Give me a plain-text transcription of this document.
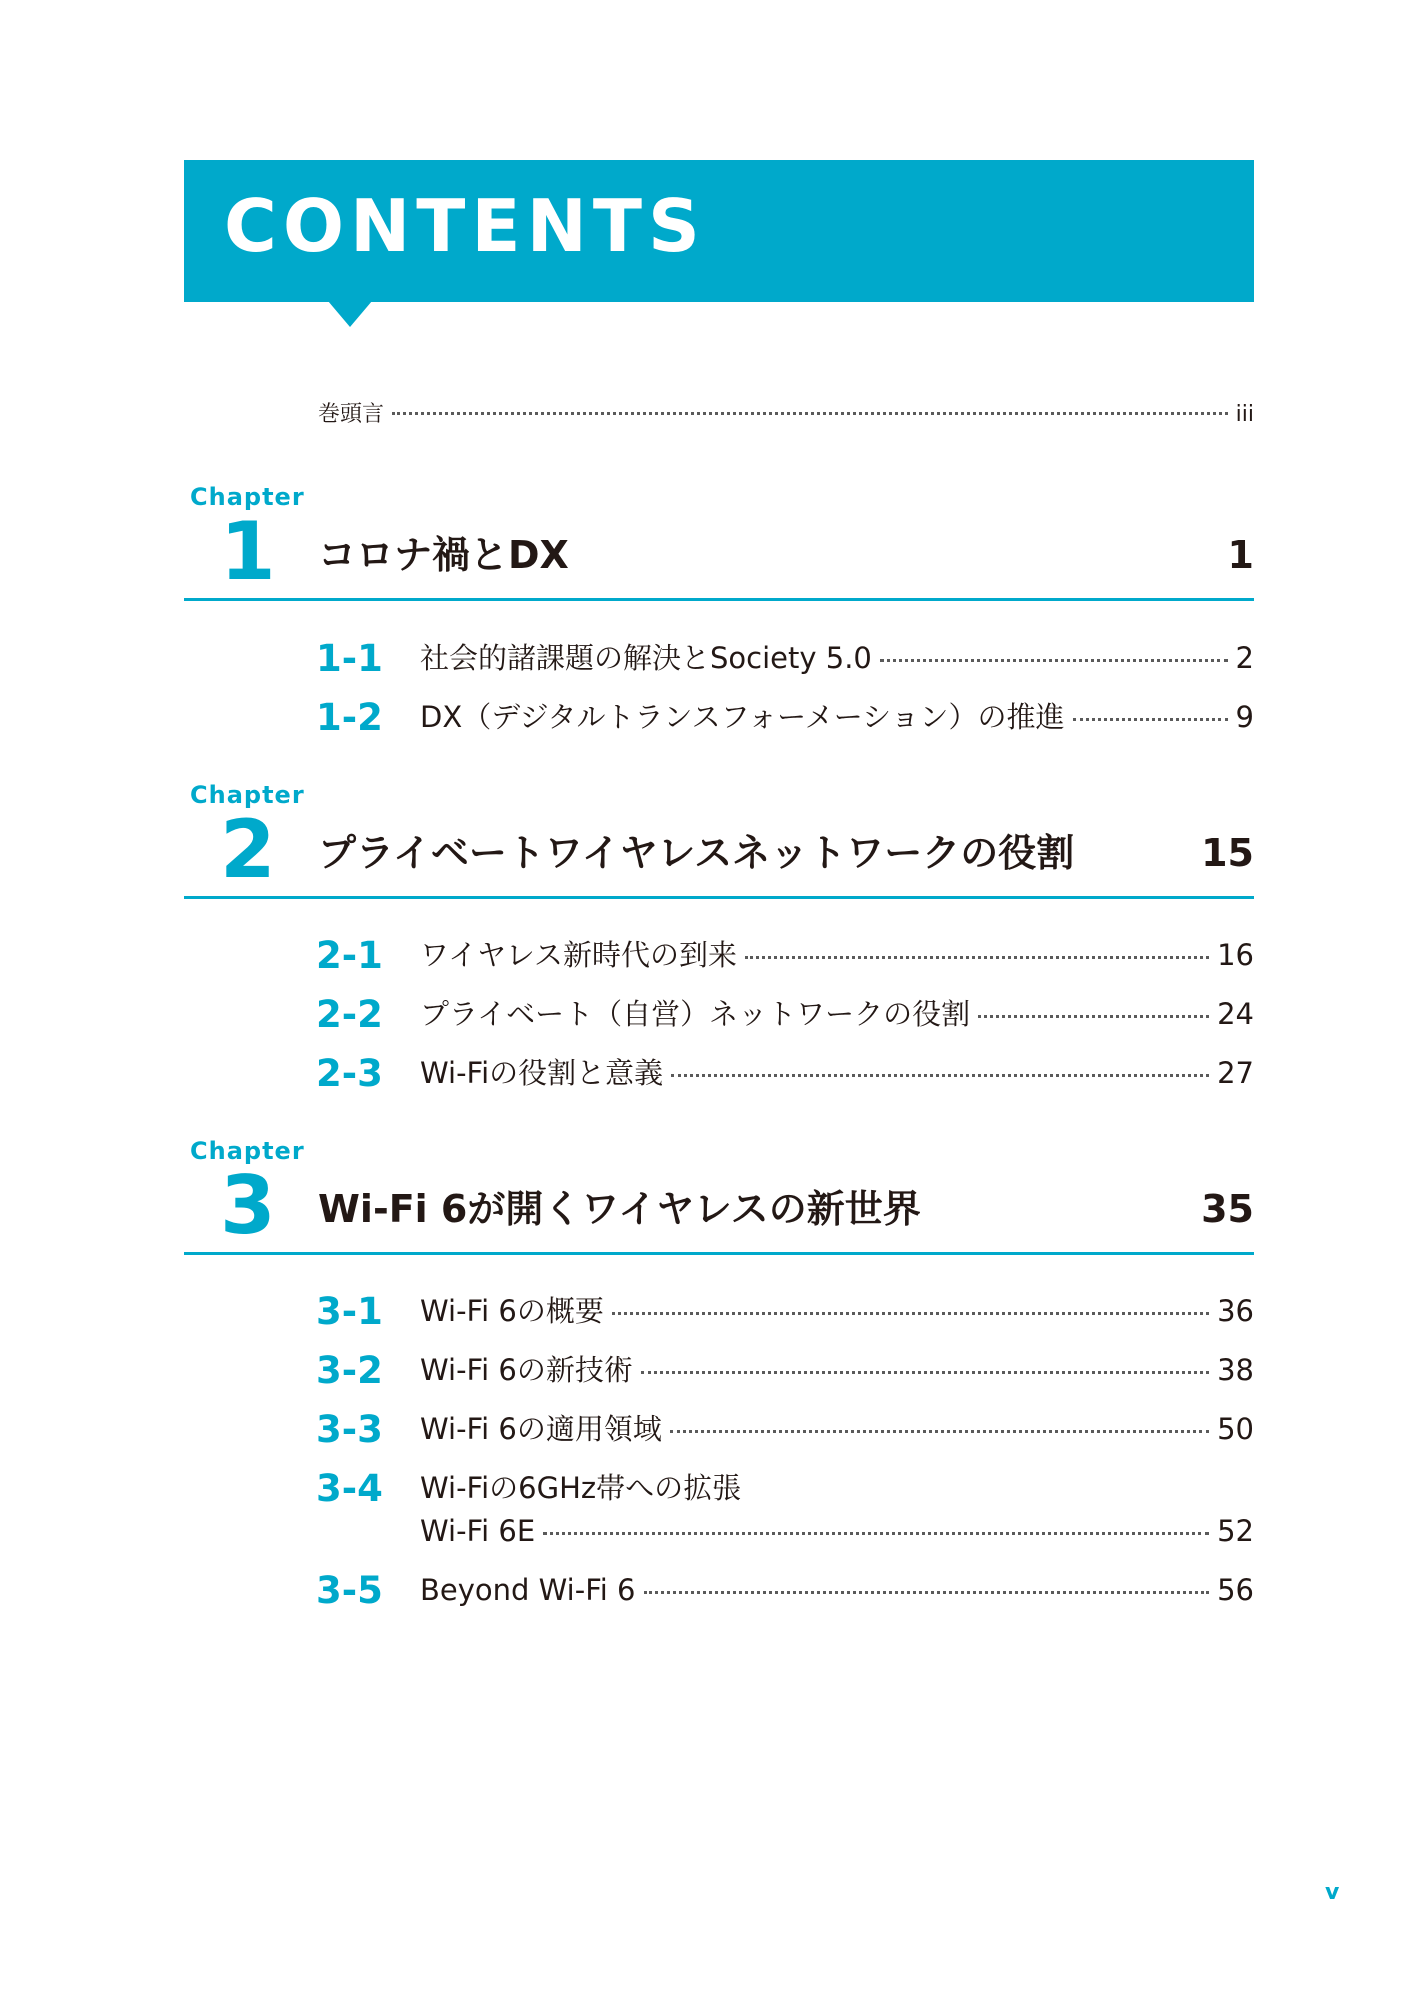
CONTENTS
巻頭言	iii
Chapter
1 コロナ禍とDX	1
1-1 社会的諸課題の解決とSociety 5.0	2
1-2 DX（デジタルトランスフォーメーション）の推進	9
Chapter
2 プライベートワイヤレスネットワークの役割	15
2-1 ワイヤレス新時代の到来	16
2-2 プライベート（自営）ネットワークの役割	24
2-3 Wi-Fiの役割と意義	27
Chapter
3 Wi-Fi 6が開くワイヤレスの新世界	35
3-1 Wi-Fi 6の概要	36
3-2 Wi-Fi 6の新技術	38
3-3 Wi-Fi 6の適用領域	50
3-4 Wi-Fiの6GHz帯への拡張
Wi-Fi 6E	52
3-5 Beyond Wi-Fi 6	56
v
